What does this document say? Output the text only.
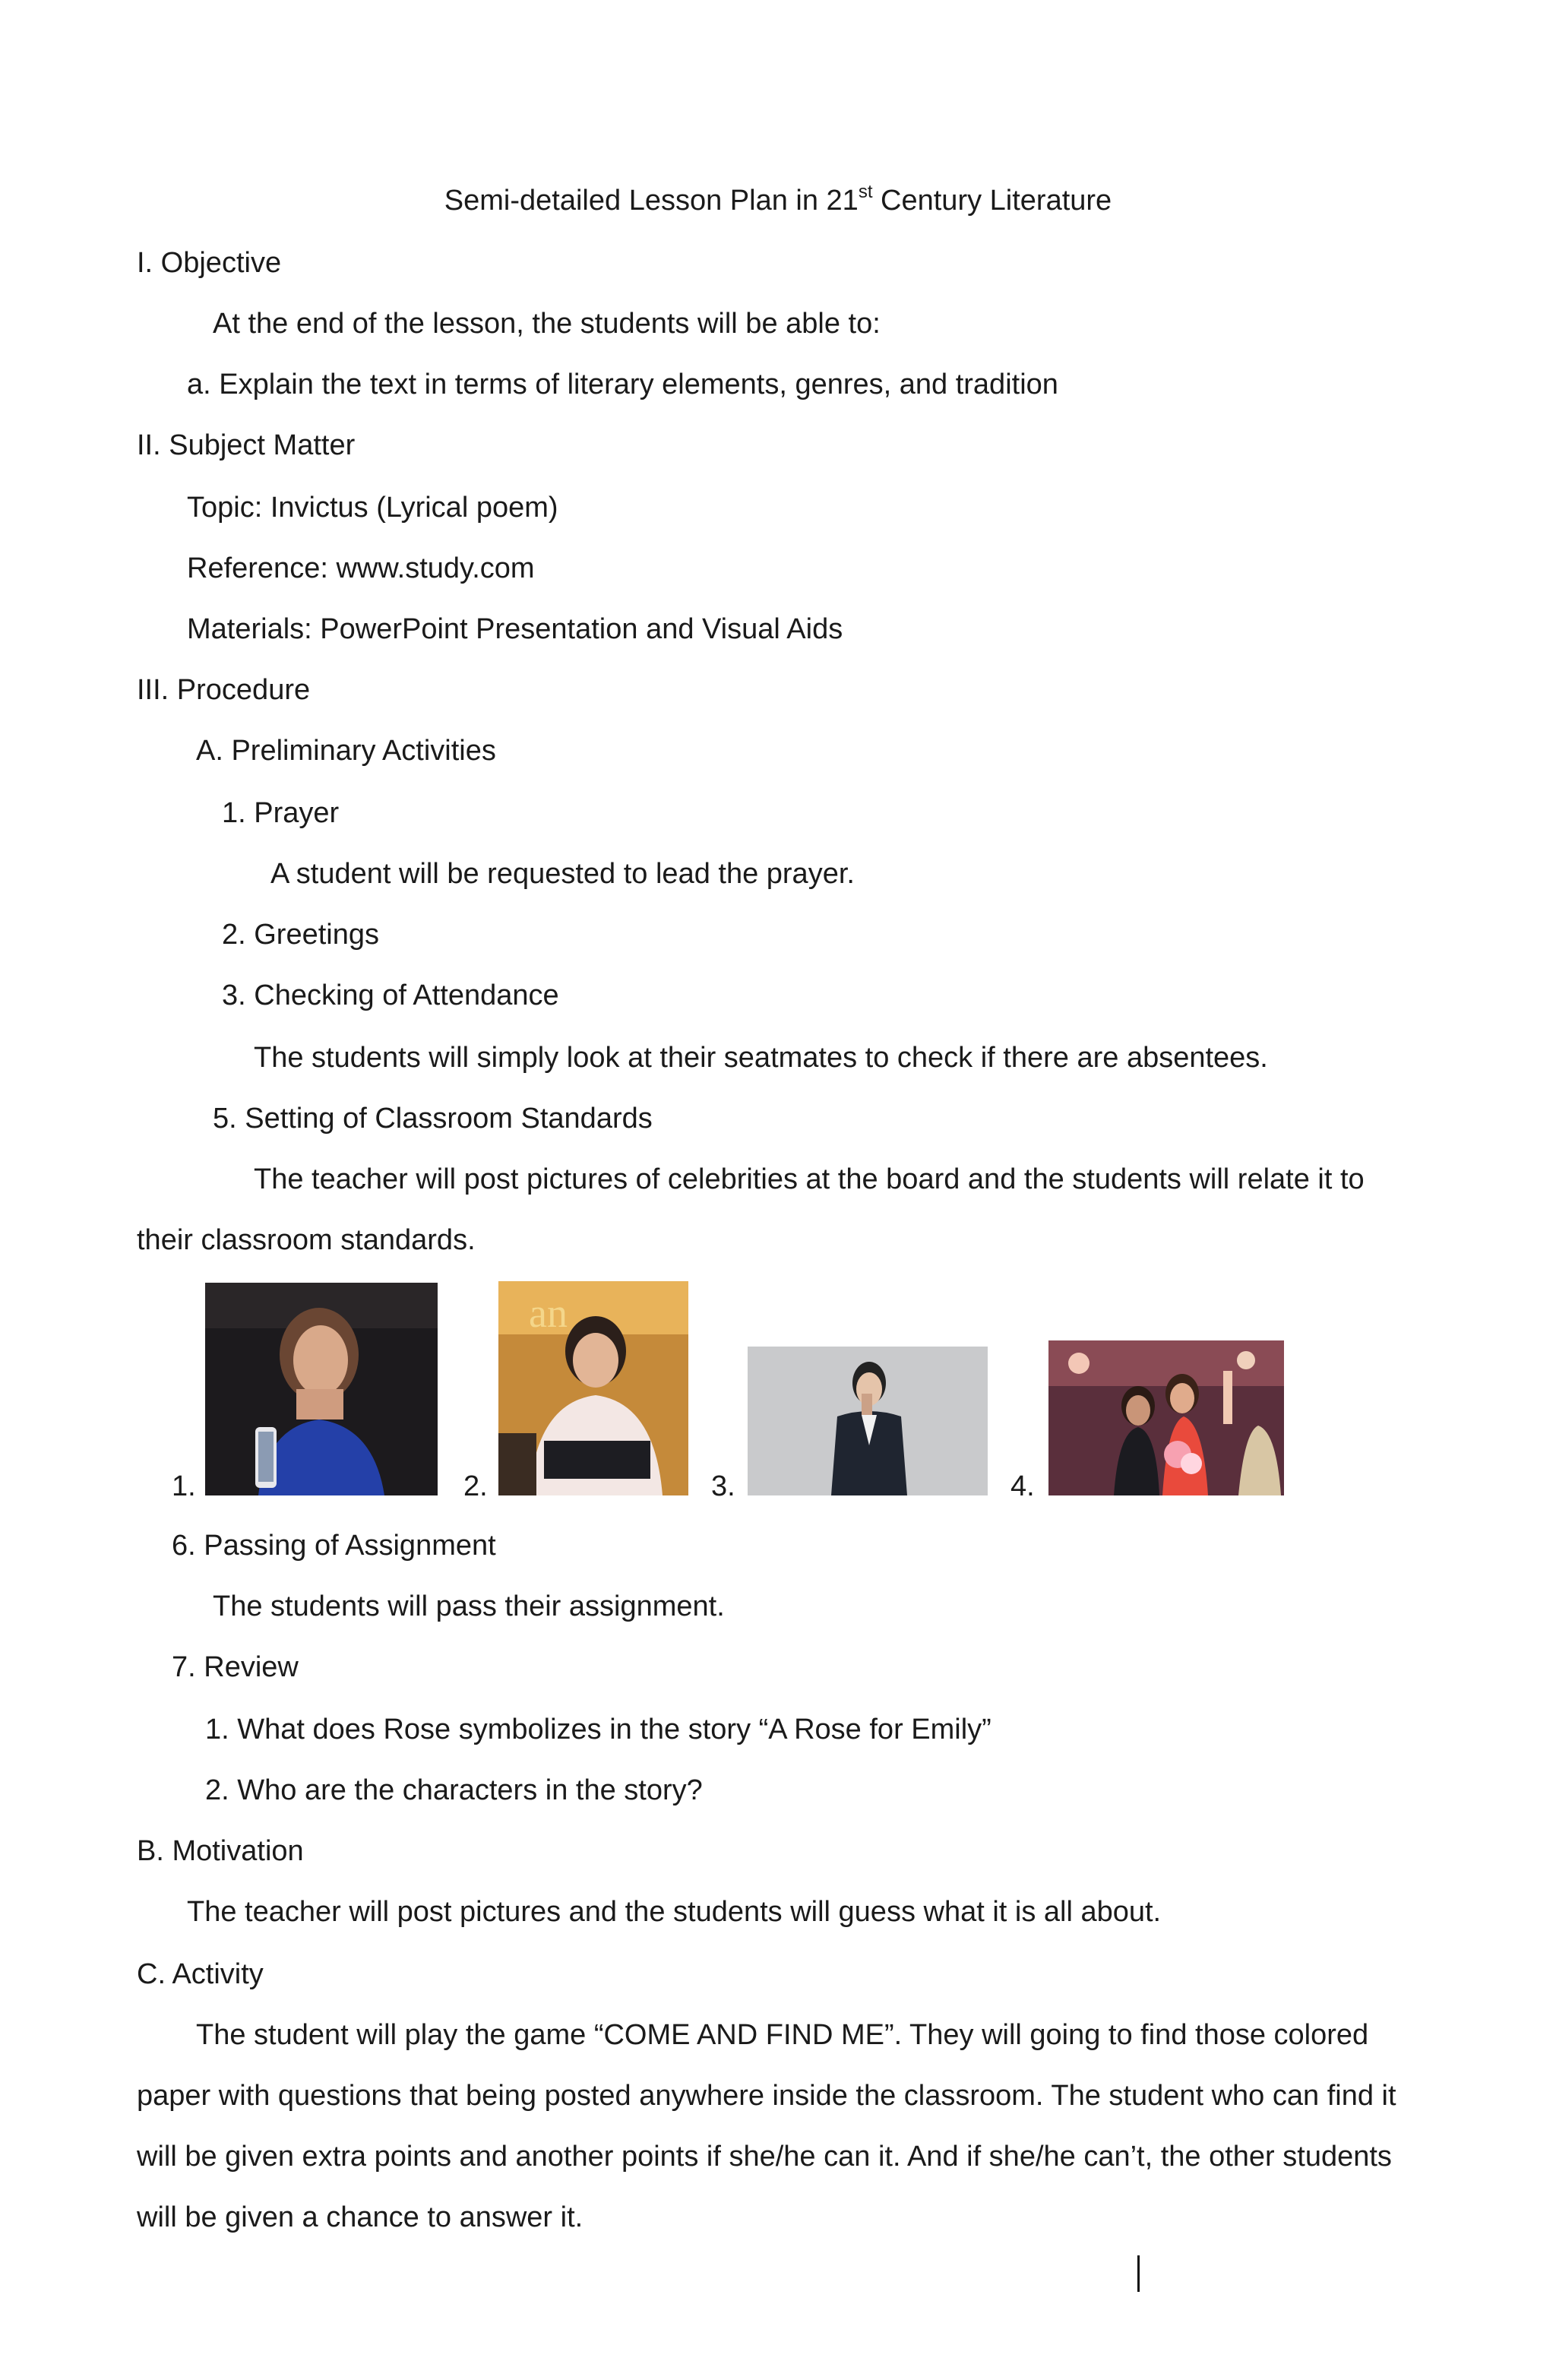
Semi-detailed Lesson Plan in 21st Century Literature
I. Objective
At the end of the lesson, the students will be able to:
a. Explain the text in terms of literary elements, genres, and tradition
II. Subject Matter
Topic: Invictus (Lyrical poem)
Reference: www.study.com
Materials: PowerPoint Presentation and Visual Aids
III. Procedure
A. Preliminary Activities
1. Prayer
A student will be requested to lead the prayer.
2. Greetings
3. Checking of Attendance
The students will simply look at their seatmates to check if there are absentees.
5. Setting of Classroom Standards
The teacher will post pictures of celebrities at the board and the students will relate it to
their classroom standards.
1.	2.
an
3.	4.
6. Passing of Assignment
The students will pass their assignment.
7. Review
1. What does Rose symbolizes in the story “A Rose for Emily”
2. Who are the characters in the story?
B. Motivation
The teacher will post pictures and the students will guess what it is all about.
C. Activity
The student will play the game “COME AND FIND ME”. They will going to find those colored
paper with questions that being posted anywhere inside the classroom. The student who can find it
will be given extra points and another points if she/he can it. And if she/he can’t, the other students
will be given a chance to answer it.
